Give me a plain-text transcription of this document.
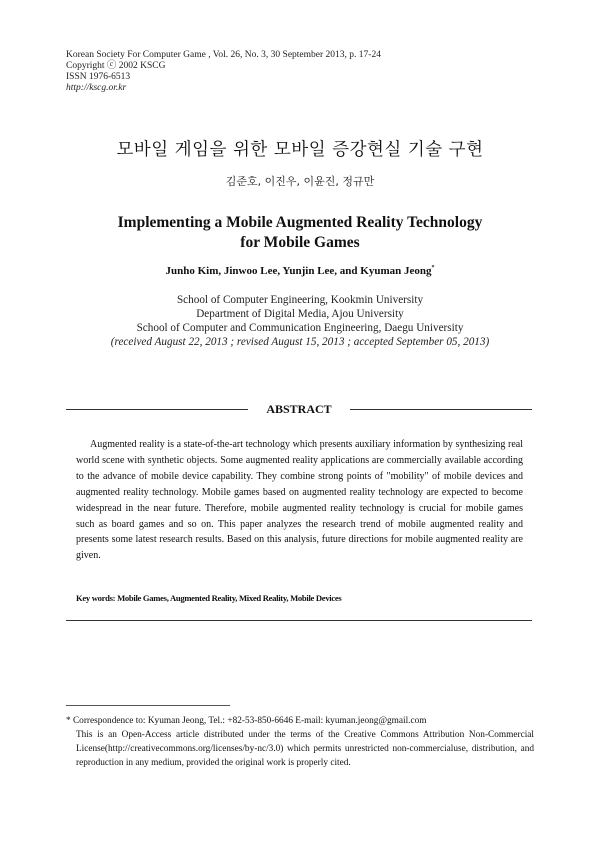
Korean Society For Computer Game , Vol. 26, No. 3, 30 September 2013, p. 17-24
Copyright ⓒ 2002 KSCG
ISSN 1976-6513
http://kscg.or.kr
모바일 게임을 위한 모바일 증강현실 기술 구현
김준호, 이진우, 이윤진, 정규만
Implementing a Mobile Augmented Reality Technology
for Mobile Games
Junho Kim, Jinwoo Lee, Yunjin Lee, and Kyuman Jeong*
School of Computer Engineering, Kookmin University
Department of Digital Media, Ajou University
School of Computer and Communication Engineering, Daegu University
(received August 22, 2013 ; revised August 15, 2013 ; accepted September 05, 2013)
ABSTRACT
Augmented reality is a state-of-the-art technology which presents auxiliary information by synthesizing real world scene with synthetic objects. Some augmented reality applications are commercially available according to the advance of mobile device capability. They combine strong points of "mobility" of mobile devices and augmented reality technology. Mobile games based on augmented reality technology are expected to become widespread in the near future. Therefore, mobile augmented reality technology is crucial for mobile games such as board games and so on. This paper analyzes the research trend of mobile augmented reality and presents some latest research results. Based on this analysis, future directions for mobile augmented reality are given.
Key words: Mobile Games, Augmented Reality, Mixed Reality, Mobile Devices
* Correspondence to: Kyuman Jeong, Tel.: +82-53-850-6646 E-mail: kyuman.jeong@gmail.com
This is an Open-Access article distributed under the terms of the Creative Commons Attribution Non-Commercial License(http://creativecommons.org/licenses/by-nc/3.0) which permits unrestricted non-commercialuse, distribution, and reproduction in any medium, provided the original work is properly cited.
